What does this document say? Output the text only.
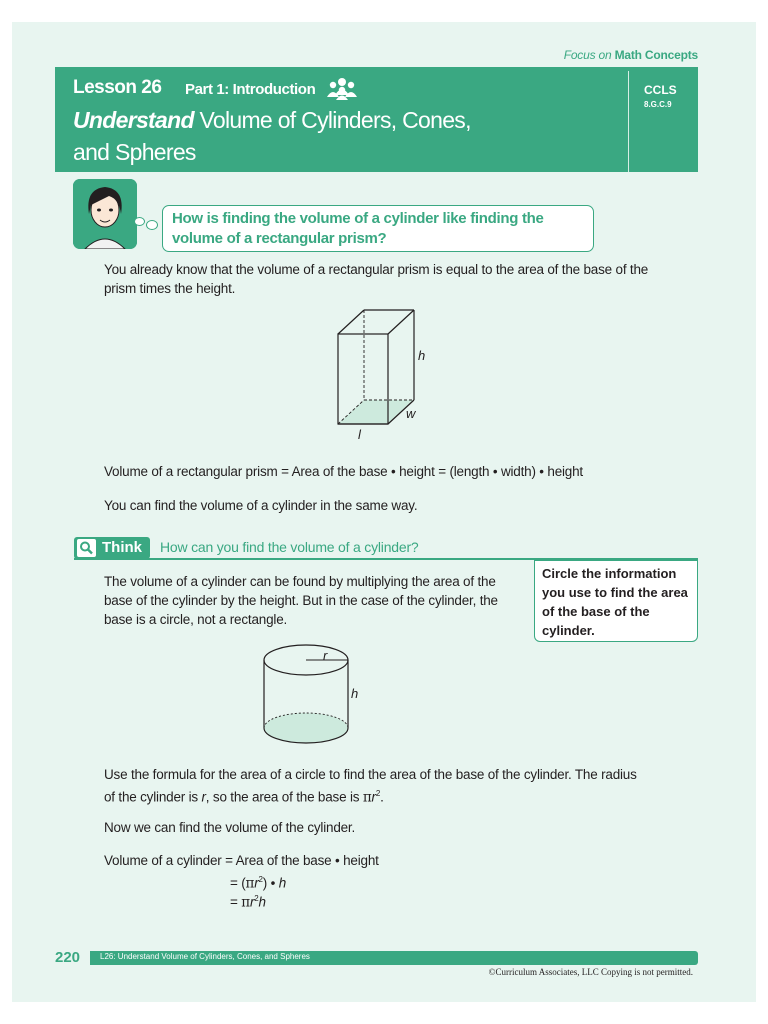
Focus on Math Concepts
Lesson 26 Part 1: Introduction
Understand Volume of Cylinders, Cones,
and Spheres
CCLS
8.G.C.9
How is finding the volume of a cylinder like finding the volume of a rectangular prism?
You already know that the volume of a rectangular prism is equal to the area of the base of the prism times the height.
h
w
l
Volume of a rectangular prism = Area of the base • height = (length • width) • height
You can find the volume of a cylinder in the same way.
Think How can you find the volume of a cylinder?
The volume of a cylinder can be found by multiplying the area of the base of the cylinder by the height. But in the case of the cylinder, the base is a circle, not a rectangle.
Circle the information you use to find the area of the base of the cylinder.
r
h
Use the formula for the area of a circle to find the area of the base of the cylinder. The radius
of the cylinder is r, so the area of the base is $\pi r^2$.
Now we can find the volume of the cylinder.
Volume of a cylinder = Area of the base • height
= $(\pi r^2)$ • h
= $\pi r^2h$
220 L26: Understand Volume of Cylinders, Cones, and Spheres
©Curriculum Associates, LLC Copying is not permitted.
